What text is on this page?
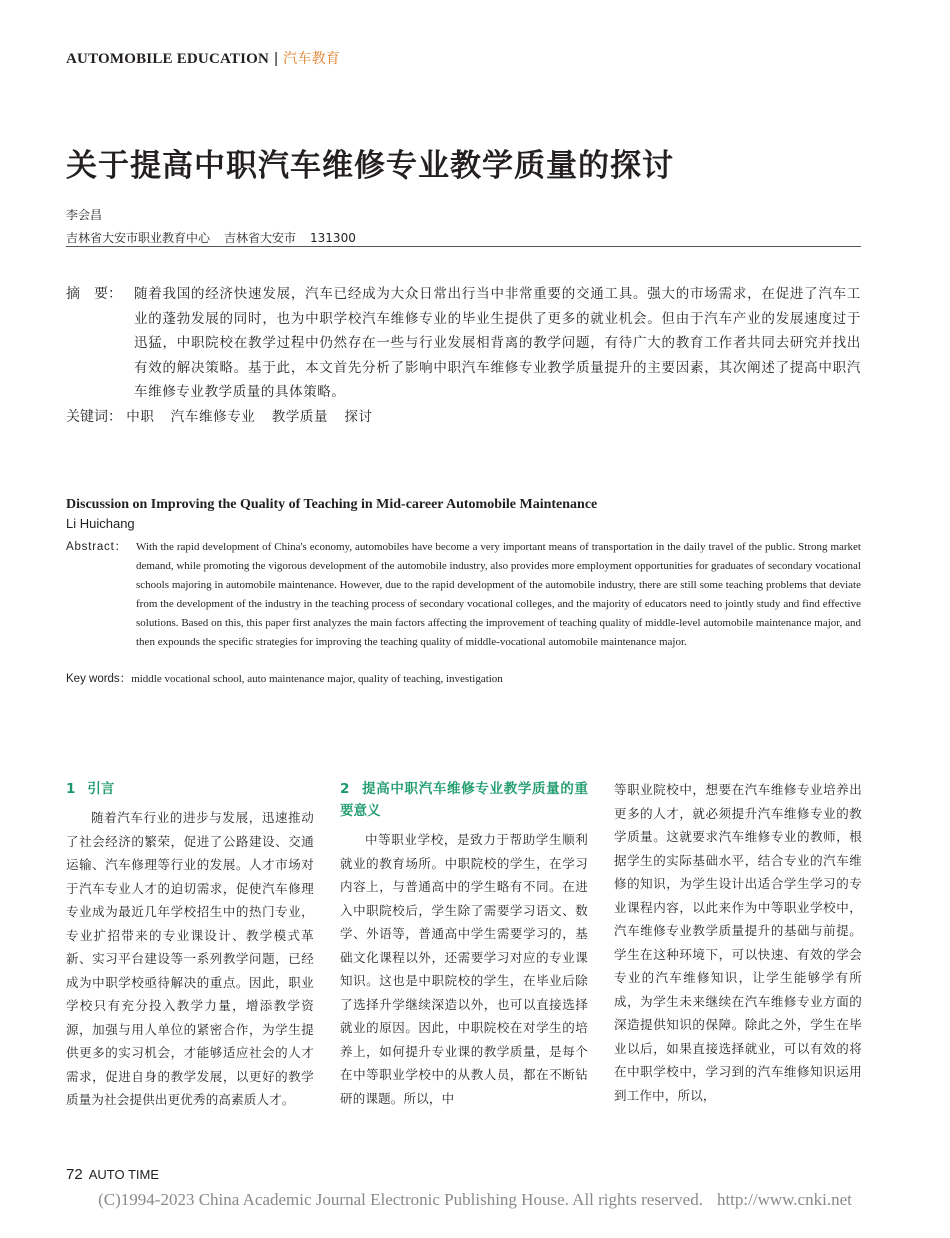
AUTOMOBILE EDUCATION | 汽车教育
关于提高中职汽车维修专业教学质量的探讨
李会昌
吉林省大安市职业教育中心 吉林省大安市 131300
摘　要： 随着我国的经济快速发展，汽车已经成为大众日常出行当中非常重要的交通工具。强大的市场需求，在促进了汽车工业的蓬勃发展的同时，也为中职学校汽车维修专业的毕业生提供了更多的就业机会。但由于汽车产业的发展速度过于迅猛，中职院校在教学过程中仍然存在一些与行业发展相背离的教学问题，有待广大的教育工作者共同去研究并找出有效的解决策略。基于此，本文首先分析了影响中职汽车维修专业教学质量提升的主要因素，其次阐述了提高中职汽车维修专业教学质量的具体策略。
关键词： 中职 汽车维修专业 教学质量 探讨
Discussion on Improving the Quality of Teaching in Mid-career Automobile Maintenance
Li Huichang
Abstract： With the rapid development of China's economy, automobiles have become a very important means of transportation in the daily travel of the public. Strong market demand, while promoting the vigorous development of the automobile industry, also provides more employment opportunities for graduates of secondary vocational schools majoring in automobile maintenance. However, due to the rapid development of the automobile industry, there are still some teaching problems that deviate from the development of the industry in the teaching process of secondary vocational colleges, and the majority of educators need to jointly study and find effective solutions. Based on this, this paper first analyzes the main factors affecting the improvement of teaching quality of middle-level automobile maintenance major, and then expounds the specific strategies for improving the teaching quality of middle-vocational automobile maintenance major.
Key words：middle vocational school, auto maintenance major, quality of teaching, investigation
1 引言

随着汽车行业的进步与发展，迅速推动了社会经济的繁荣，促进了公路建设、交通运输、汽车修理等行业的发展。人才市场对于汽车专业人才的迫切需求，促使汽车修理专业成为最近几年学校招生中的热门专业，专业扩招带来的专业课设计、教学模式革新、实习平台建设等一系列教学问题，已经成为中职学校亟待解决的重点。因此，职业学校只有充分投入教学力量，增添教学资源，加强与用人单位的紧密合作，为学生提供更多的实习机会，才能够适应社会的人才需求，促进自身的教学发展，以更好的教学质量为社会提供出更优秀的高素质人才。

2 提高中职汽车维修专业教学质量的重要意义

中等职业学校，是致力于帮助学生顺利就业的教育场所。中职院校的学生，在学习内容上，与普通高中的学生略有不同。在进入中职院校后，学生除了需要学习语文、数学、外语等，普通高中学生需要学习的，基础文化课程以外，还需要学习对应的专业课知识。这也是中职院校的学生，在毕业后除了选择升学继续深造以外，也可以直接选择就业的原因。因此，中职院校在对学生的培养上，如何提升专业课的教学质量，是每个在中等职业学校中的从教人员，都在不断钻研的课题。所以，中

等职业院校中，想要在汽车维修专业培养出更多的人才，就必须提升汽车维修专业的教学质量。这就要求汽车维修专业的教师，根据学生的实际基础水平，结合专业的汽车维修的知识，为学生设计出适合学生学习的专业课程内容，以此来作为中等职业学校中，汽车维修专业教学质量提升的基础与前提。学生在这种环境下，可以快速、有效的学会专业的汽车维修知识，让学生能够学有所成，为学生未来继续在汽车维修专业方面的深造提供知识的保障。除此之外，学生在毕业以后，如果直接选择就业，可以有效的将在中职学校中，学习到的汽车维修知识运用到工作中，所以，

72 AUTO TIME
(C)1994-2023 China Academic Journal Electronic Publishing House. All rights reserved. http://www.cnki.net
